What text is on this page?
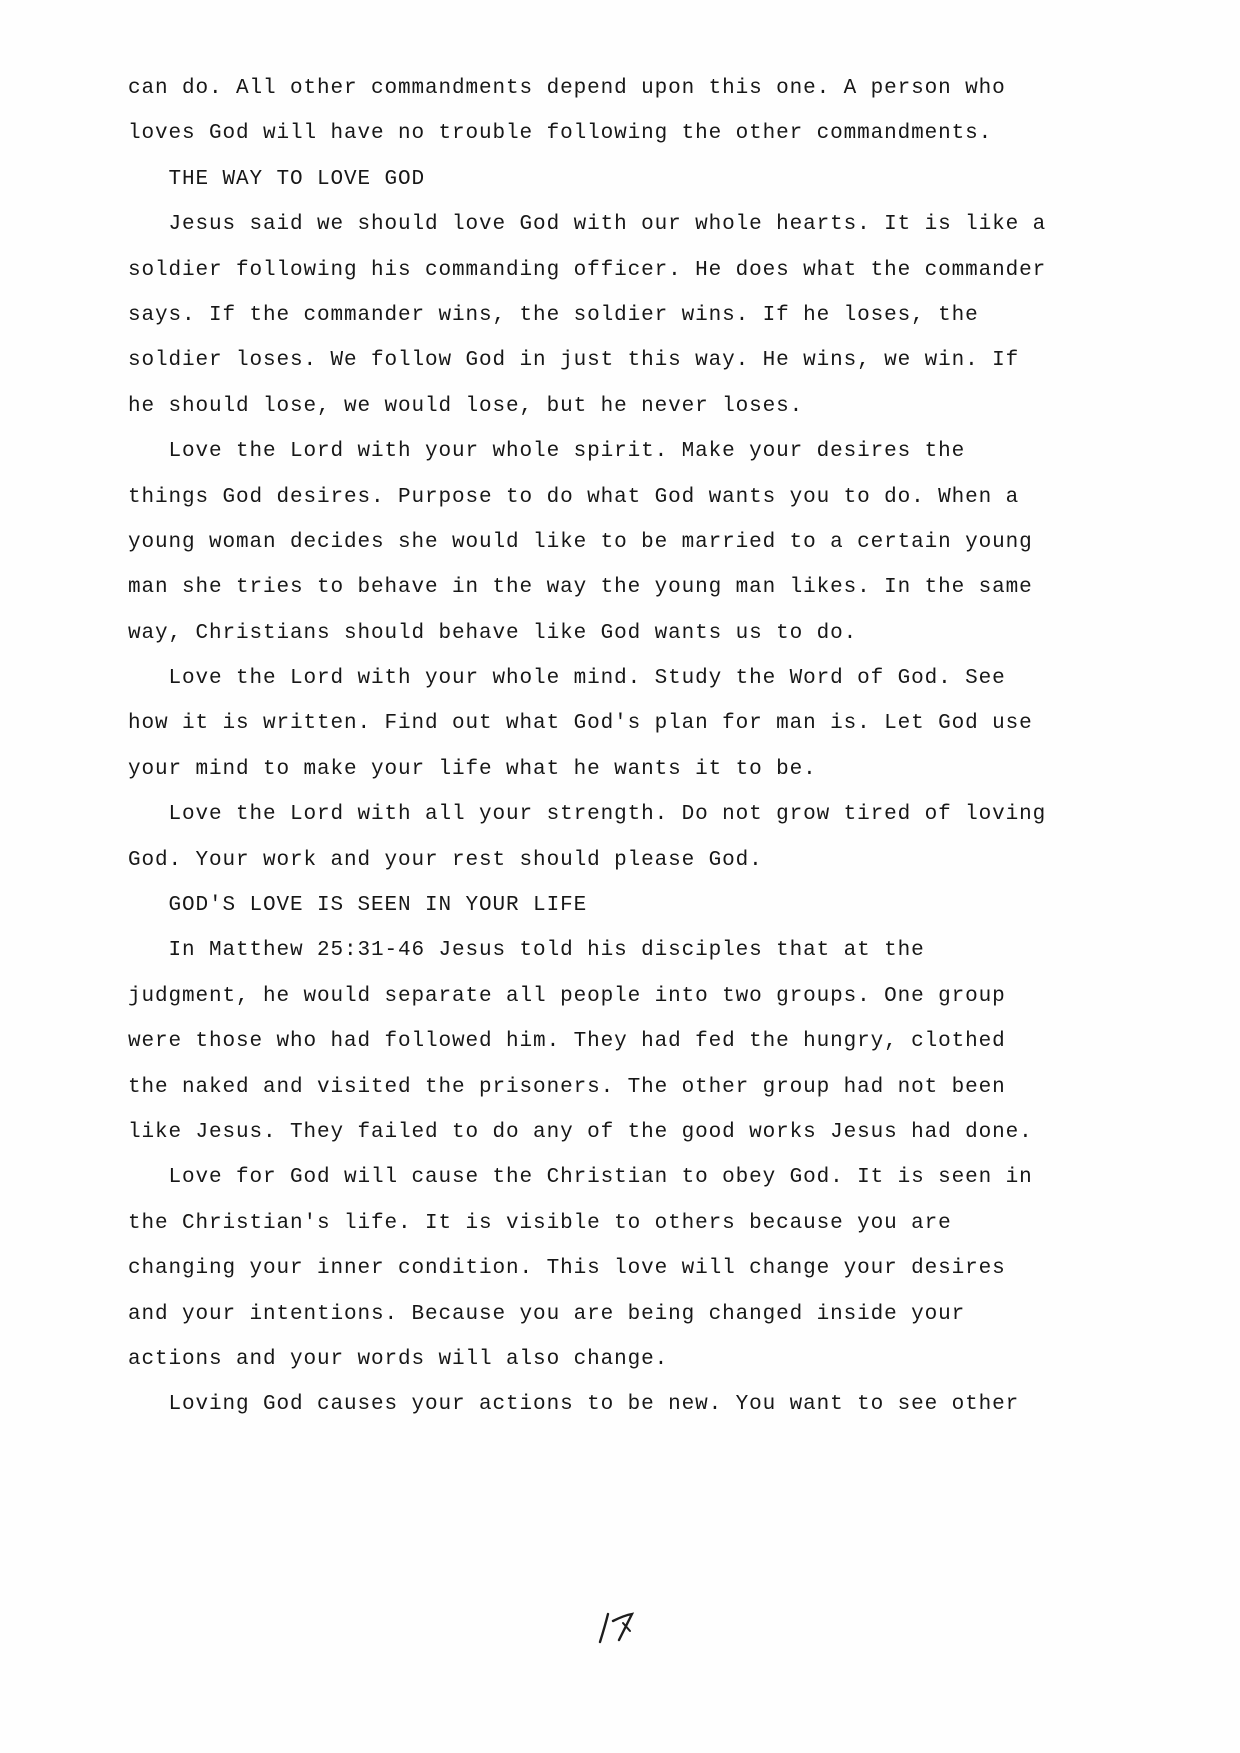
can do. All other commandments depend upon this one. A person who
loves God will have no trouble following the other commandments.
THE WAY TO LOVE GOD
Jesus said we should love God with our whole hearts. It is like a
soldier following his commanding officer. He does what the commander
says. If the commander wins, the soldier wins. If he loses, the
soldier loses. We follow God in just this way. He wins, we win. If
he should lose, we would lose, but he never loses.
Love the Lord with your whole spirit. Make your desires the
things God desires. Purpose to do what God wants you to do. When a
young woman decides she would like to be married to a certain young
man she tries to behave in the way the young man likes. In the same
way, Christians should behave like God wants us to do.
Love the Lord with your whole mind. Study the Word of God. See
how it is written. Find out what God's plan for man is. Let God use
your mind to make your life what he wants it to be.
Love the Lord with all your strength. Do not grow tired of loving
God. Your work and your rest should please God.
GOD'S LOVE IS SEEN IN YOUR LIFE
In Matthew 25:31-46 Jesus told his disciples that at the
judgment, he would separate all people into two groups. One group
were those who had followed him. They had fed the hungry, clothed
the naked and visited the prisoners. The other group had not been
like Jesus. They failed to do any of the good works Jesus had done.
Love for God will cause the Christian to obey God. It is seen in
the Christian's life. It is visible to others because you are
changing your inner condition. This love will change your desires
and your intentions. Because you are being changed inside your
actions and your words will also change.
Loving God causes your actions to be new. You want to see other
